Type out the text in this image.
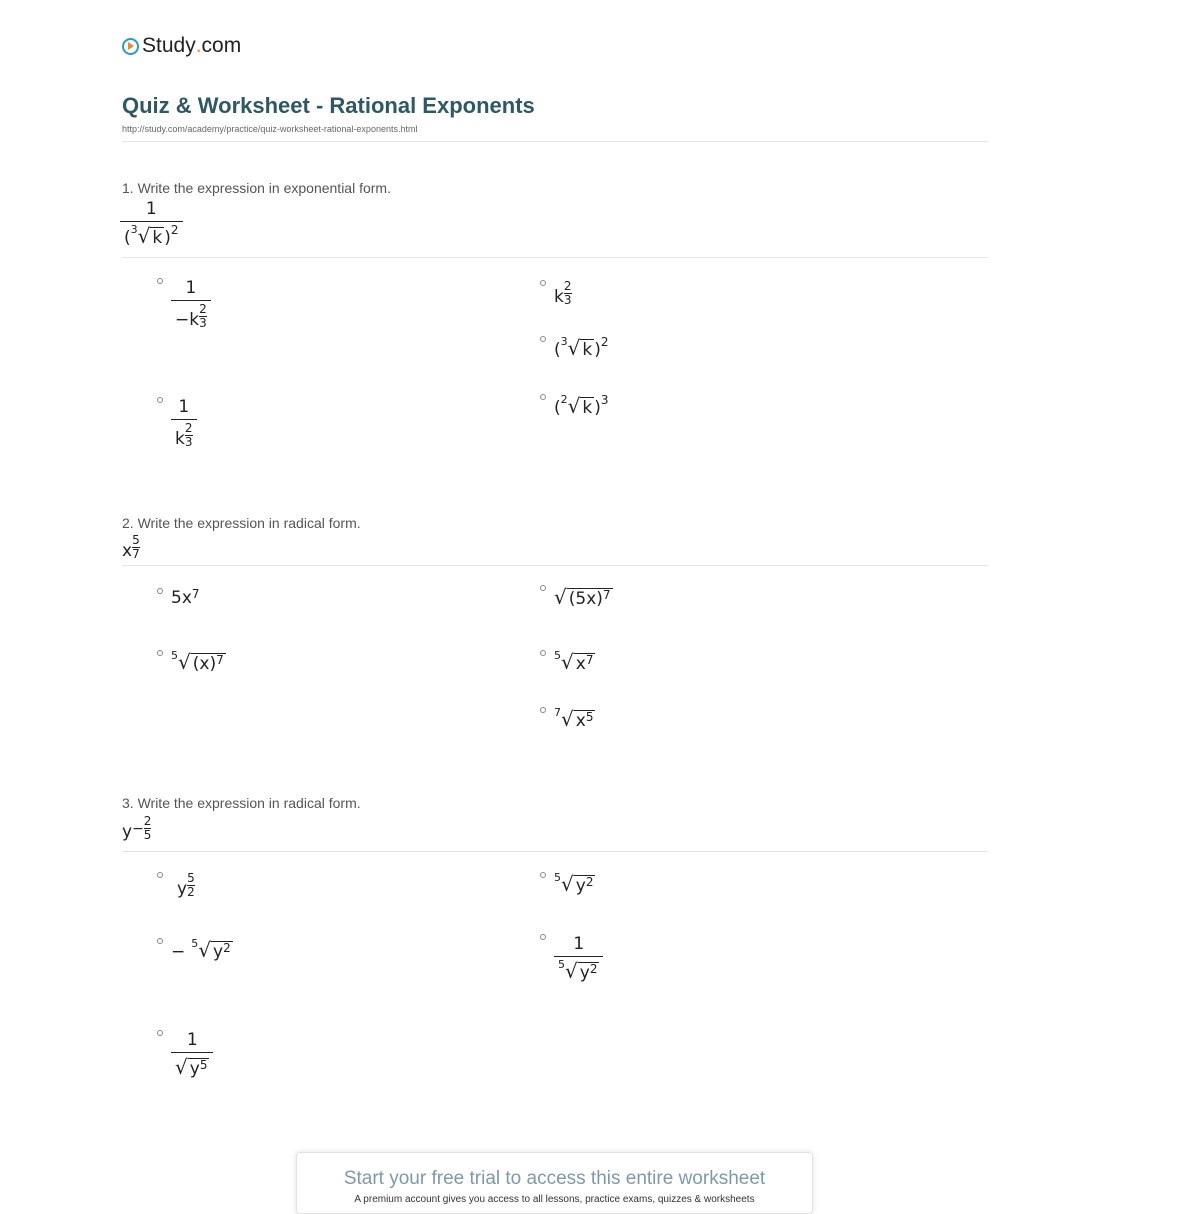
Study . com
Quiz & Worksheet - Rational Exponents
http://study.com/academy/practice/quiz-worksheet-rational-exponents.html
1. Write the expression in exponential form.
$\frac{1}{( 3 √ k ) 2}$
$\frac{1}{-k \frac{2}{3}}$
$\frac{1}{k \frac{2}{3}}$
k $\frac{2}{3}$
( 3 √ k ) 2
( 2 √ k ) 3
2. Write the expression in radical form.
x $\frac{5}{7}$
5x 7	√ (5x) 7
5 √ (x) 7	5 √ x 7
7 √ x 5
3. Write the expression in radical form.
$y - \frac{2}{5}$
y $\frac{5}{2}$	5 √ y 2
− 5 √ y 2	$\frac{1}{5 √ y 2}$
$\frac{1}{√ y 5}$
Start your free trial to access this entire worksheet
A premium account gives you access to all lessons, practice exams, quizzes & worksheets
